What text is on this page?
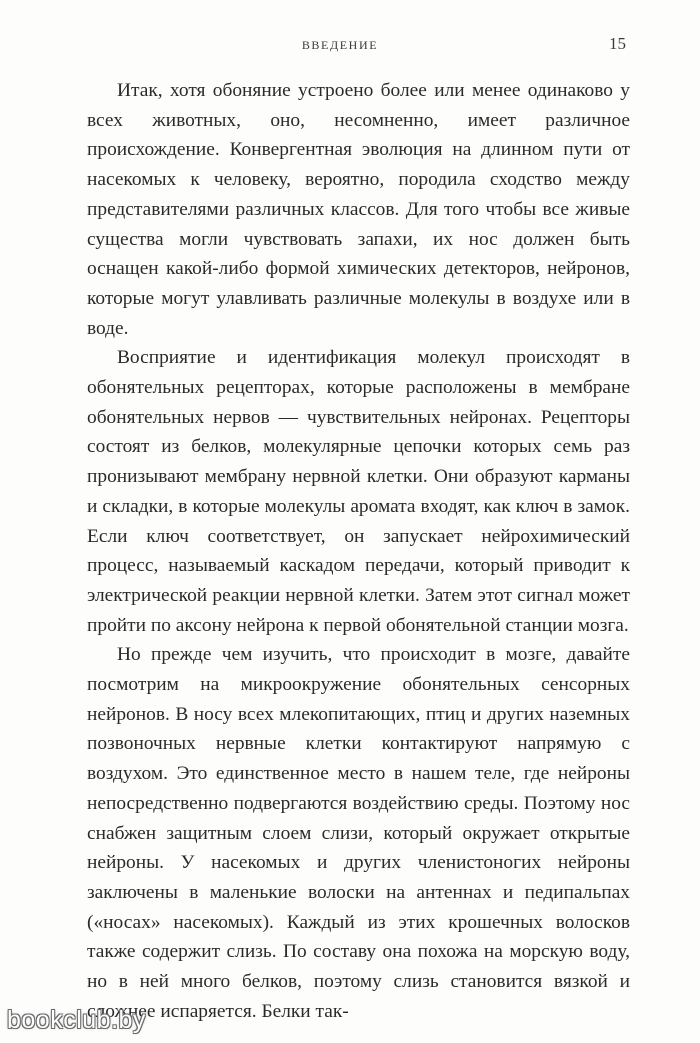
ВВЕДЕНИЕ	15

Итак, хотя обоняние устроено более или менее одинаково у всех животных, оно, несомненно, имеет различное происхождение. Конвергентная эволюция на длинном пути от насекомых к человеку, вероятно, породила сходство между представителями различных классов. Для того чтобы все живые существа могли чувствовать запахи, их нос должен быть оснащен какой-либо формой химических детекторов, нейронов, которые могут улавливать различные молекулы в воздухе или в воде.

Восприятие и идентификация молекул происходят в обонятельных рецепторах, которые расположены в мембране обонятельных нервов — чувствительных нейронах. Рецепторы состоят из белков, молекулярные цепочки которых семь раз пронизывают мембрану нервной клетки. Они образуют карманы и складки, в которые молекулы аромата входят, как ключ в замок. Если ключ соответствует, он запускает нейрохимический процесс, называемый каскадом передачи, который приводит к электрической реакции нервной клетки. Затем этот сигнал может пройти по аксону нейрона к первой обонятельной станции мозга.

Но прежде чем изучить, что происходит в мозге, давайте посмотрим на микроокружение обонятельных сенсорных нейронов. В носу всех млекопитающих, птиц и других наземных позвоночных нервные клетки контактируют напрямую с воздухом. Это единственное место в нашем теле, где нейроны непосредственно подвергаются воздействию среды. Поэтому нос снабжен защитным слоем слизи, который окружает открытые нейроны. У насекомых и других членистоногих нейроны заключены в маленькие волоски на антеннах и педипальпах («носах» насекомых). Каждый из этих крошечных волосков также содержит слизь. По составу она похожа на морскую воду, но в ней много белков, поэтому слизь становится вязкой и сложнее испаряется. Белки так-

bookclub.by
